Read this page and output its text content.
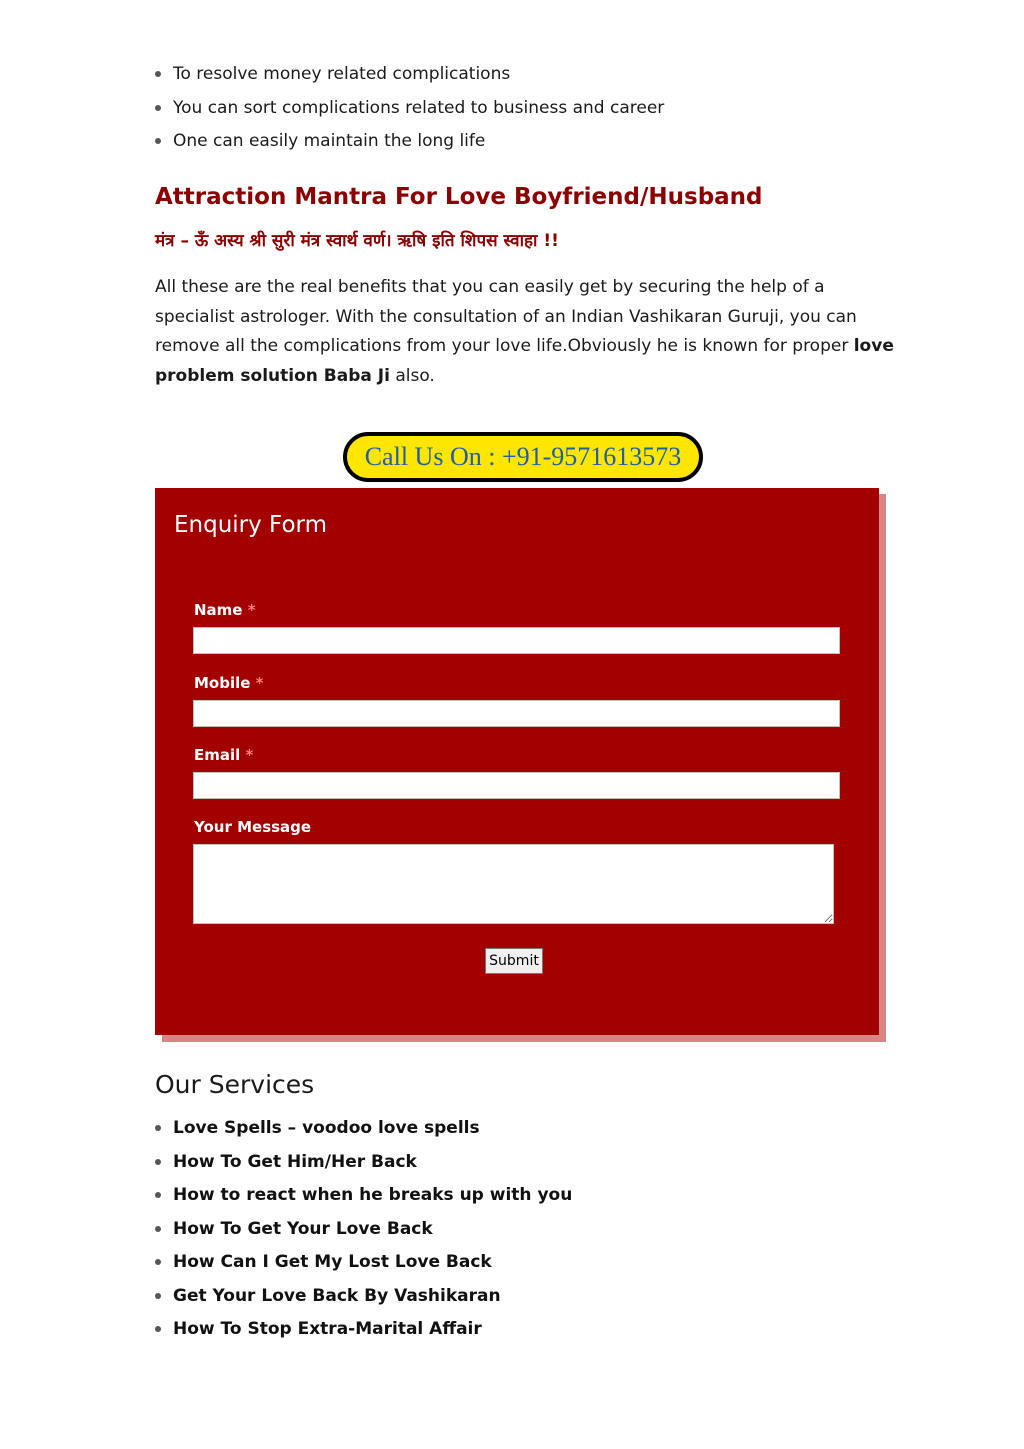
To resolve money related complications
You can sort complications related to business and career
One can easily maintain the long life
Attraction Mantra For Love Boyfriend/Husband

मंत्र – ऊँ अस्य श्री सुरी मंत्र स्वार्थ वर्ण। ऋषि इति शिपस स्वाहा !!

All these are the real benefits that you can easily get by securing the help of a specialist astrologer. With the consultation of an Indian Vashikaran Guruji, you can remove all the complications from your love life.Obviously he is known for proper love problem solution Baba Ji also.

Call Us On : +91-9571613573
Enquiry Form
Name *
Mobile *
Email *
Your Message
Submit
Our Services
Love Spells – voodoo love spells
How To Get Him/Her Back
How to react when he breaks up with you
How To Get Your Love Back
How Can I Get My Lost Love Back
Get Your Love Back By Vashikaran
How To Stop Extra-Marital Affair
